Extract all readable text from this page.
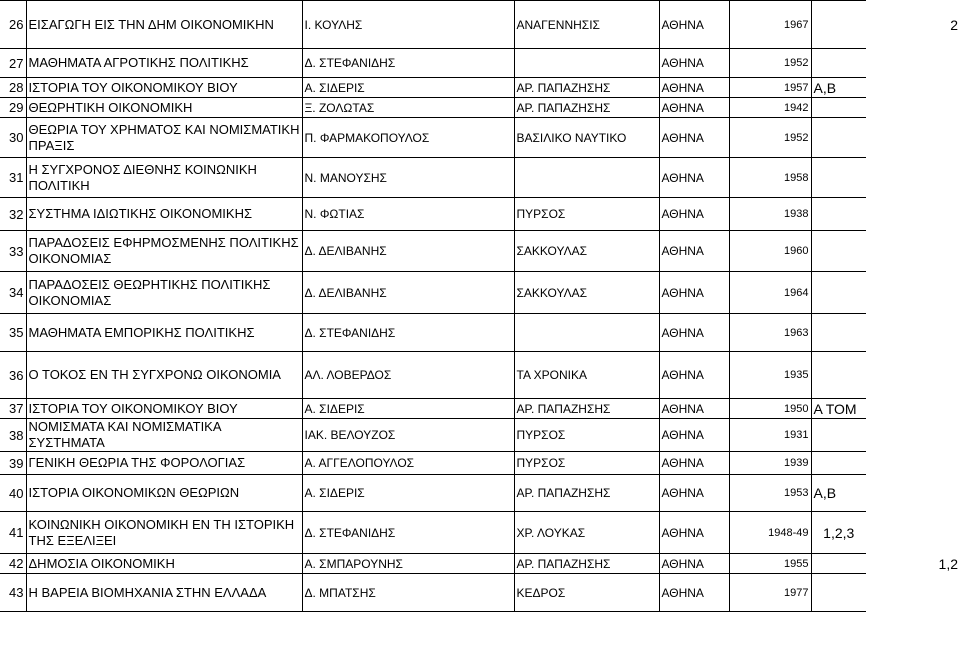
26	ΕΙΣΑΓΩΓΗ ΕΙΣ ΤΗΝ ΔΗΜ ΟΙΚΟΝΟΜΙΚΗΝ	Ι. ΚΟΥΛΗΣ	ΑΝΑΓΕΝΝΗΣΙΣ	ΑΘΗΝΑ	1967		2
27	ΜΑΘΗΜΑΤΑ ΑΓΡΟΤΙΚΗΣ ΠΟΛΙΤΙΚΗΣ	Δ. ΣΤΕΦΑΝΙΔΗΣ		ΑΘΗΝΑ	1952		
28	ΙΣΤΟΡΙΑ ΤΟΥ ΟΙΚΟΝΟΜΙΚΟΥ ΒΙΟΥ	Α. ΣΙΔΕΡΙΣ	ΑΡ. ΠΑΠΑΖΗΣΗΣ	ΑΘΗΝΑ	1957	Α,Β	
29	ΘΕΩΡΗΤΙΚΗ ΟΙΚΟΝΟΜΙΚΗ	Ξ. ΖΟΛΩΤΑΣ	ΑΡ. ΠΑΠΑΖΗΣΗΣ	ΑΘΗΝΑ	1942		
30	ΘΕΩΡΙΑ ΤΟΥ ΧΡΗΜΑΤΟΣ ΚΑΙ ΝΟΜΙΣΜΑΤΙΚΗ ΠΡΑΞΙΣ	Π. ΦΑΡΜΑΚΟΠΟΥΛΟΣ	ΒΑΣΙΛΙΚΟ ΝΑΥΤΙΚΟ	ΑΘΗΝΑ	1952		
31	Η ΣΥΓΧΡΟΝΟΣ ΔΙΕΘΝΗΣ ΚΟΙΝΩΝΙΚΗ ΠΟΛΙΤΙΚΗ	Ν. ΜΑΝΟΥΣΗΣ		ΑΘΗΝΑ	1958		
32	ΣΥΣΤΗΜΑ ΙΔΙΩΤΙΚΗΣ ΟΙΚΟΝΟΜΙΚΗΣ	Ν. ΦΩΤΙΑΣ	ΠΥΡΣΟΣ	ΑΘΗΝΑ	1938		
33	ΠΑΡΑΔΟΣΕΙΣ ΕΦΗΡΜΟΣΜΕΝΗΣ ΠΟΛΙΤΙΚΗΣ ΟΙΚΟΝΟΜΙΑΣ	Δ. ΔΕΛΙΒΑΝΗΣ	ΣΑΚΚΟΥΛΑΣ	ΑΘΗΝΑ	1960		
34	ΠΑΡΑΔΟΣΕΙΣ ΘΕΩΡΗΤΙΚΗΣ ΠΟΛΙΤΙΚΗΣ ΟΙΚΟΝΟΜΙΑΣ	Δ. ΔΕΛΙΒΑΝΗΣ	ΣΑΚΚΟΥΛΑΣ	ΑΘΗΝΑ	1964		
35	ΜΑΘΗΜΑΤΑ ΕΜΠΟΡΙΚΗΣ ΠΟΛΙΤΙΚΗΣ	Δ. ΣΤΕΦΑΝΙΔΗΣ		ΑΘΗΝΑ	1963		
36	Ο ΤΟΚΟΣ ΕΝ ΤΗ ΣΥΓΧΡΟΝΩ ΟΙΚΟΝΟΜΙΑ	ΑΛ. ΛΟΒΕΡΔΟΣ	ΤΑ ΧΡΟΝΙΚΑ	ΑΘΗΝΑ	1935		
37	ΙΣΤΟΡΙΑ ΤΟΥ ΟΙΚΟΝΟΜΙΚΟΥ ΒΙΟΥ	Α. ΣΙΔΕΡΙΣ	ΑΡ. ΠΑΠΑΖΗΣΗΣ	ΑΘΗΝΑ	1950	Α ΤΟΜ	
38	ΝΟΜΙΣΜΑΤΑ ΚΑΙ ΝΟΜΙΣΜΑΤΙΚΑ ΣΥΣΤΗΜΑΤΑ	ΙΑΚ. ΒΕΛΟΥΖΟΣ	ΠΥΡΣΟΣ	ΑΘΗΝΑ	1931		
39	ΓΕΝΙΚΗ ΘΕΩΡΙΑ ΤΗΣ ΦΟΡΟΛΟΓΙΑΣ	Α. ΑΓΓΕΛΟΠΟΥΛΟΣ	ΠΥΡΣΟΣ	ΑΘΗΝΑ	1939		
40	ΙΣΤΟΡΙΑ ΟΙΚΟΝΟΜΙΚΩΝ ΘΕΩΡΙΩΝ	Α. ΣΙΔΕΡΙΣ	ΑΡ. ΠΑΠΑΖΗΣΗΣ	ΑΘΗΝΑ	1953	Α,Β	
41	ΚΟΙΝΩΝΙΚΗ ΟΙΚΟΝΟΜΙΚΗ ΕΝ ΤΗ ΙΣΤΟΡΙΚΗ ΤΗΣ ΕΞΕΛΙΞΕΙ	Δ. ΣΤΕΦΑΝΙΔΗΣ	ΧΡ. ΛΟΥΚΑΣ	ΑΘΗΝΑ	1948-49	1,2,3	
42	ΔΗΜΟΣΙΑ ΟΙΚΟΝΟΜΙΚΗ	Α. ΣΜΠΑΡΟΥΝΗΣ	ΑΡ. ΠΑΠΑΖΗΣΗΣ	ΑΘΗΝΑ	1955		1,2
43	Η ΒΑΡΕΙΑ ΒΙΟΜΗΧΑΝΙΑ ΣΤΗΝ ΕΛΛΑΔΑ	Δ. ΜΠΑΤΣΗΣ	ΚΕΔΡΟΣ	ΑΘΗΝΑ	1977		
